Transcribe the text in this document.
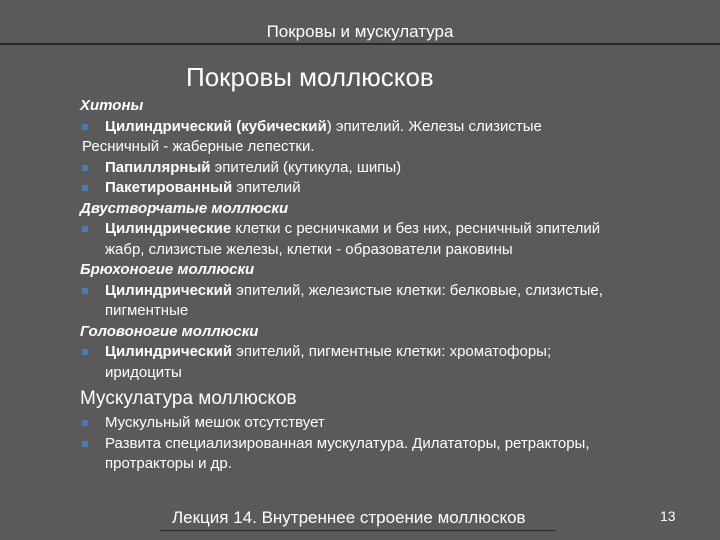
Покровы и мускулатура
Покровы моллюсков
Хитоны
Цилиндрический (кубический) эпителий. Железы слизистые
Ресничный - жаберные лепестки.
Папиллярный эпителий (кутикула, шипы)
Пакетированный эпителий
Двустворчатые моллюски
Цилиндрические клетки с ресничками и без них, ресничный эпителий
жабр, слизистые железы, клетки - образователи раковины
Брюхоногие моллюски
Цилиндрический эпителий, железистые клетки: белковые, слизистые,
пигментные
Головоногие моллюски
Цилиндрический эпителий, пигментные клетки: хроматофоры;
иридоциты
Мускулатура моллюсков
Мускульный мешок отсутствует
Развита специализированная мускулатура. Дилататоры, ретракторы,
протракторы и др.
Лекция 14. Внутреннее строение моллюсков	13
